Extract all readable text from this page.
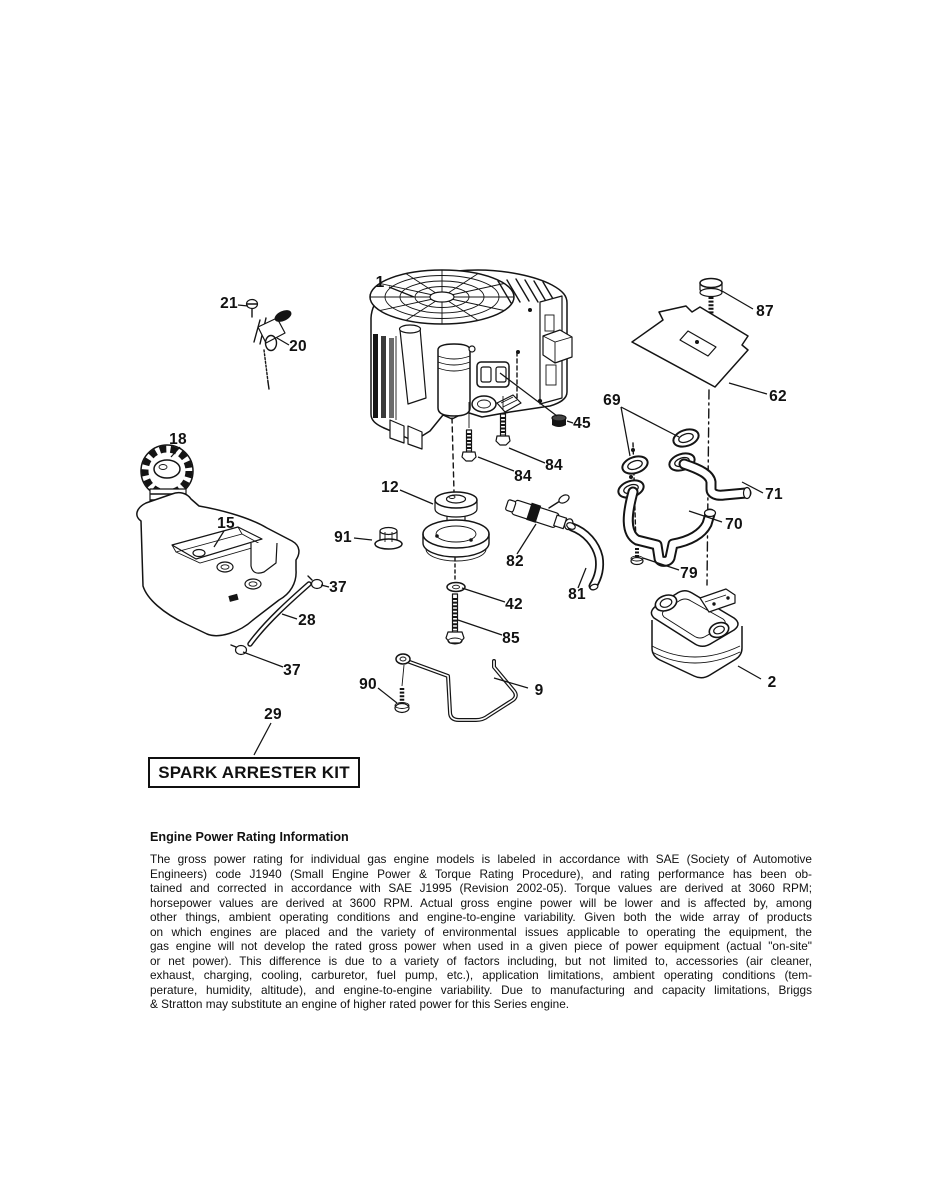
1
21
20
18
15
37
28
37
29
12
91
84
84
45
82
81
42
85
90	9
87
62
69
71
70
79
2
SPARK ARRESTER KIT
Engine Power Rating Information
The gross power rating for individual gas engine models is labeled in accordance with SAE (Society of Automotive
Engineers) code J1940 (Small Engine Power & Torque Rating Procedure), and rating performance has been ob-
tained and corrected in accordance with SAE J1995 (Revision 2002-05). Torque values are derived at 3060 RPM;
horsepower values are derived at 3600 RPM. Actual gross engine power will be lower and is affected by, among
other things, ambient operating conditions and engine-to-engine variability. Given both the wide array of products
on which engines are placed and the variety of environmental issues applicable to operating the equipment, the
gas engine will not develop the rated gross power when used in a given piece of power equipment (actual "on-site"
or net power). This difference is due to a variety of factors including, but not limited to, accessories (air cleaner,
exhaust, charging, cooling, carburetor, fuel pump, etc.), application limitations, ambient operating conditions (tem-
perature, humidity, altitude), and engine-to-engine variability. Due to manufacturing and capacity limitations, Briggs
& Stratton may substitute an engine of higher rated power for this Series engine.
